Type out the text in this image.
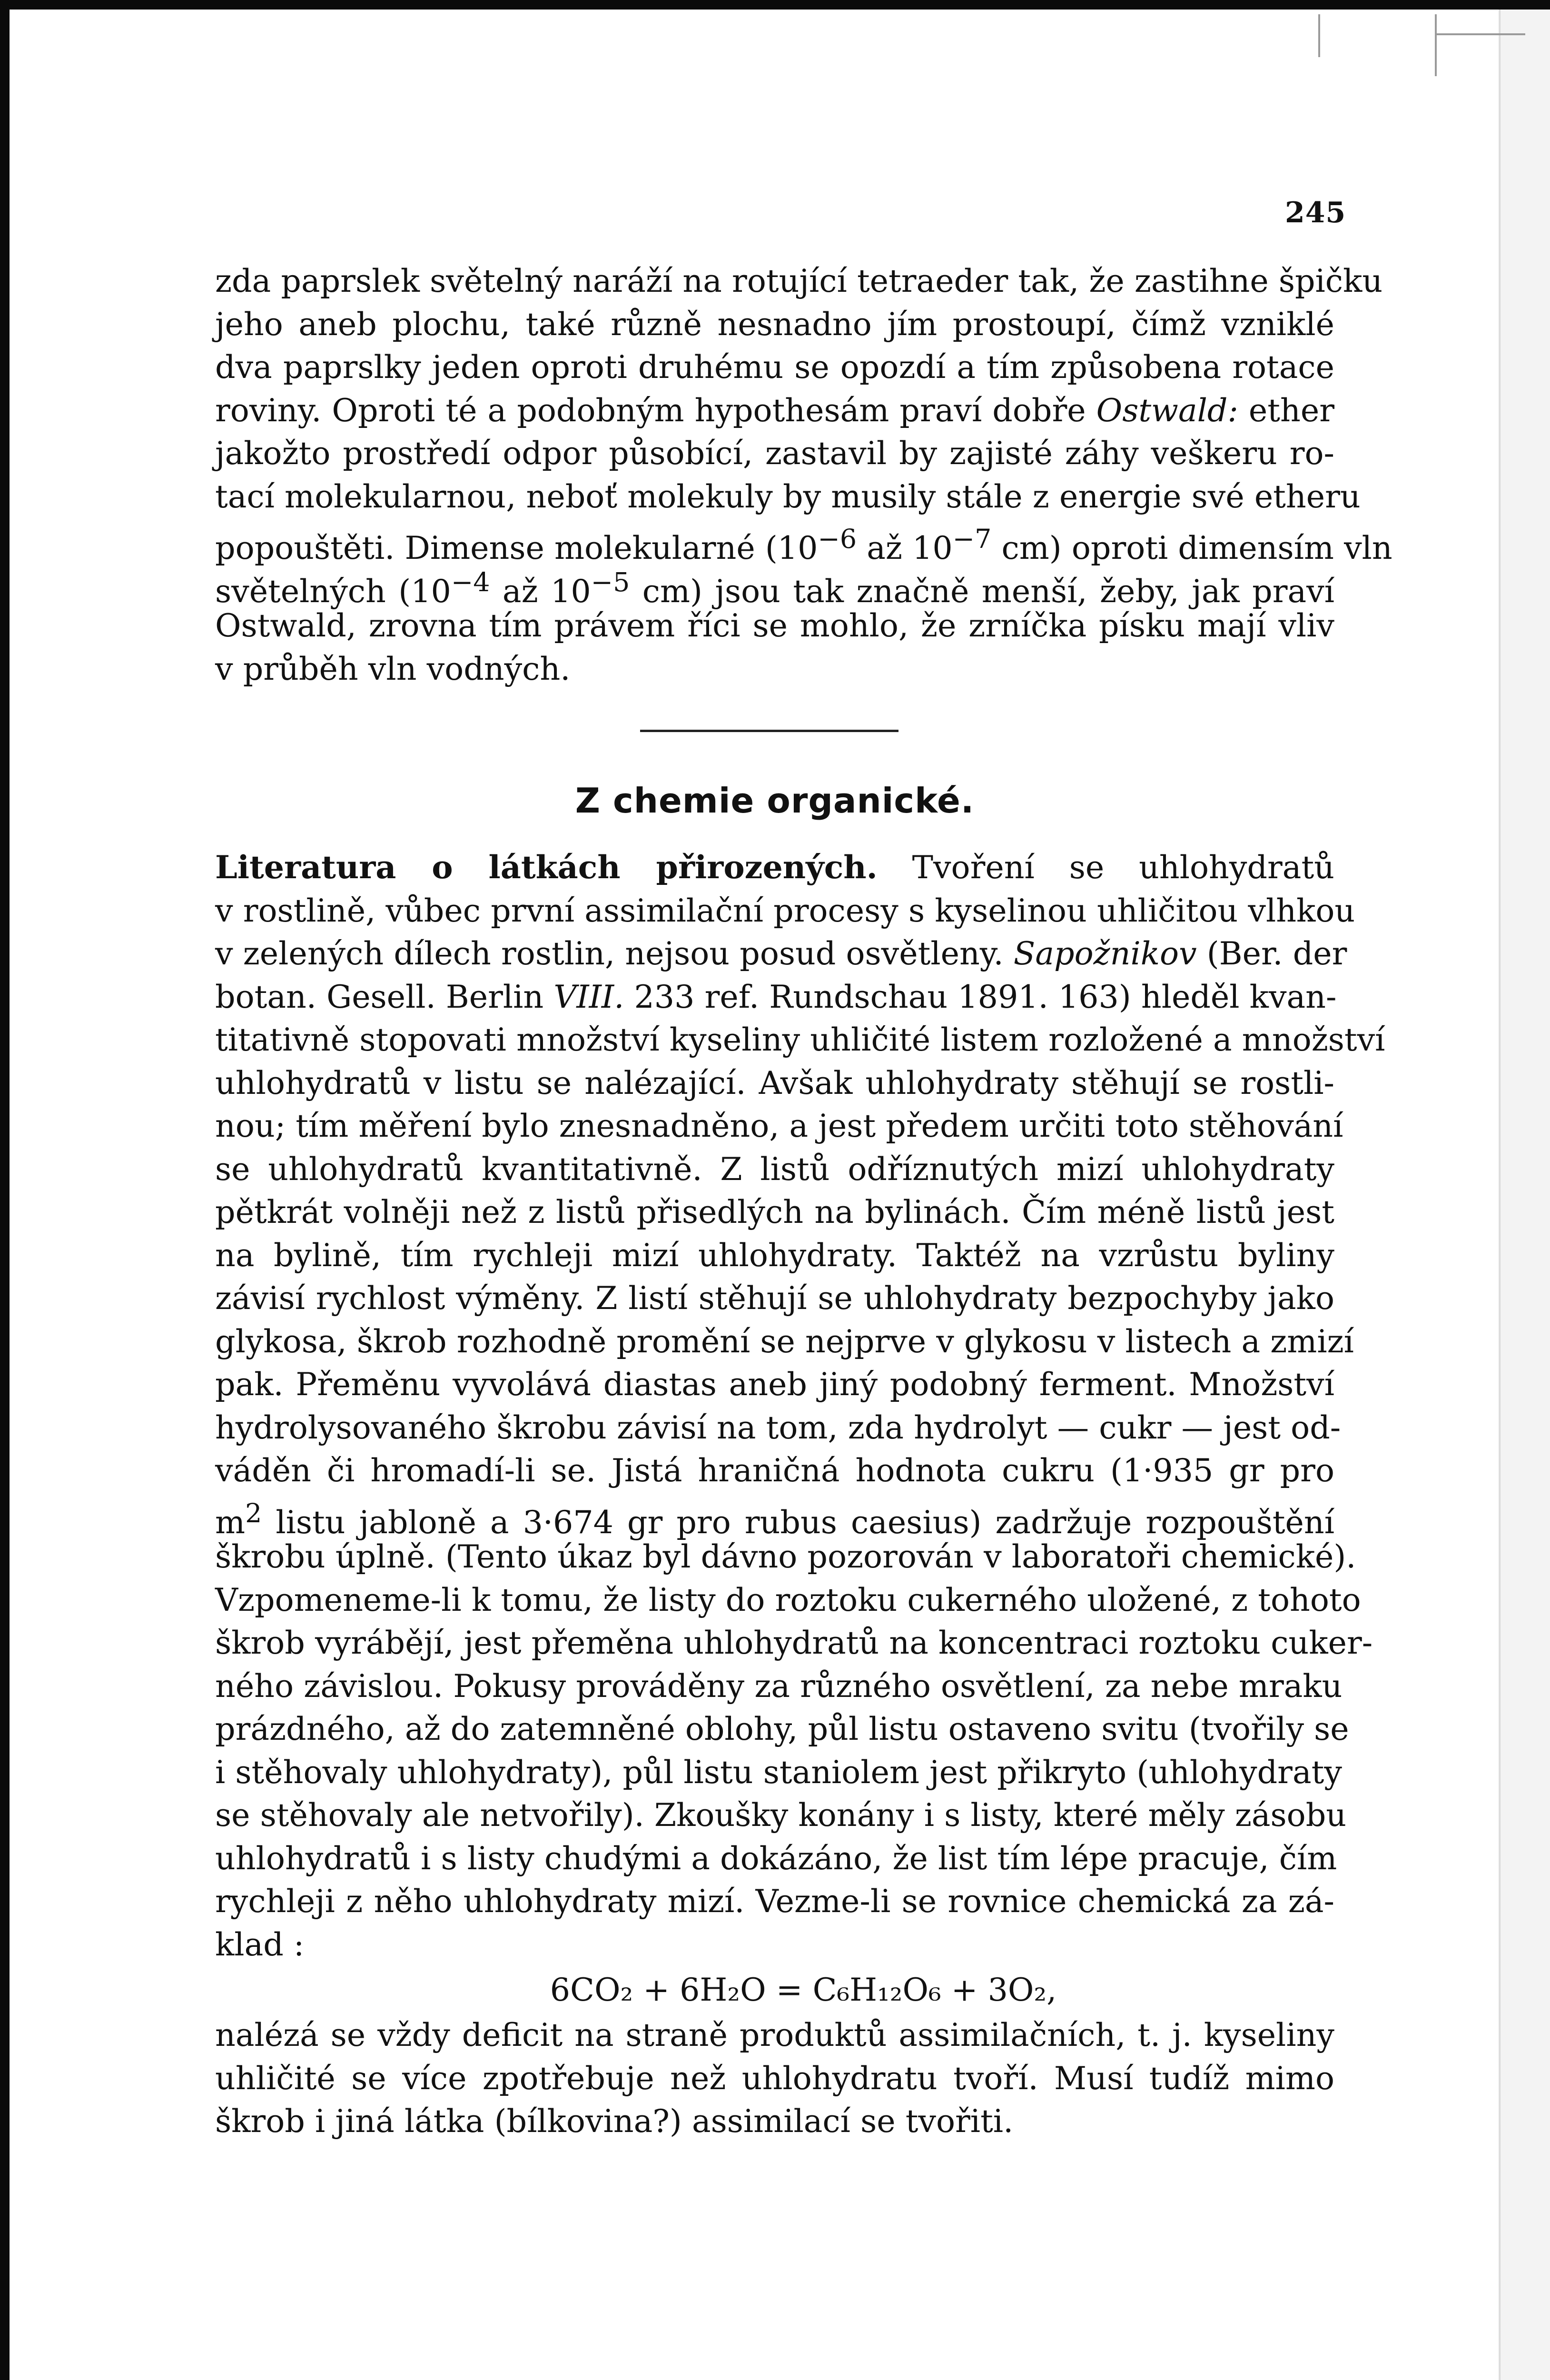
245
zda paprslek světelný naráží na rotující tetraeder tak, že zastihne špičku
jeho aneb plochu, také různě nesnadno jím prostoupí, čímž vzniklé
dva paprslky jeden oproti druhému se opozdí a tím způsobena rotace
roviny. Oproti té a podobným hypothesám praví dobře Ostwald: ether
jakožto prostředí odpor působící, zastavil by zajisté záhy veškeru ro-
tací molekularnou, neboť molekuly by musily stále z energie své etheru
popouštěti. Dimense molekularné ($10^{-6}$ až $10^{-7}$ cm) oproti dimensím vln
světelných ($10^{-4}$ až $10^{-5}$ cm) jsou tak značně menší, žeby, jak praví
Ostwald, zrovna tím právem říci se mohlo, že zrníčka písku mají vliv
v průběh vln vodných.
Z chemie organické.
Literatura o látkách přirozených. Tvoření se uhlohydratů
v rostlině, vůbec první assimilační procesy s kyselinou uhličitou vlhkou
v zelených dílech rostlin, nejsou posud osvětleny. Sapožnikov (Ber. der
botan. Gesell. Berlin VIII. 233 ref. Rundschau 1891. 163) hleděl kvan-
titativně stopovati množství kyseliny uhličité listem rozložené a množství
uhlohydratů v listu se nalézající. Avšak uhlohydraty stěhují se rostli-
nou; tím měření bylo znesnadněno, a jest předem určiti toto stěhování
se uhlohydratů kvantitativně. Z listů odříznutých mizí uhlohydraty
pětkrát volněji než z listů přisedlých na bylinách. Čím méně listů jest
na bylině, tím rychleji mizí uhlohydraty. Taktéž na vzrůstu byliny
závisí rychlost výměny. Z listí stěhují se uhlohydraty bezpochyby jako
glykosa, škrob rozhodně promění se nejprve v glykosu v listech a zmizí
pak. Přeměnu vyvolává diastas aneb jiný podobný ferment. Množství
hydrolysovaného škrobu závisí na tom, zda hydrolyt — cukr — jest od-
váděn či hromadí-li se. Jistá hraničná hodnota cukru (1·935 gr pro
$m^2$ listu jabloně a 3·674 gr pro rubus caesius) zadržuje rozpouštění
škrobu úplně. (Tento úkaz byl dávno pozorován v laboratoři chemické).
Vzpomeneme-li k tomu, že listy do roztoku cukerného uložené, z tohoto
škrob vyrábějí, jest přeměna uhlohydratů na koncentraci roztoku cuker-
ného závislou. Pokusy prováděny za různého osvětlení, za nebe mraku
prázdného, až do zatemněné oblohy, půl listu ostaveno svitu (tvořily se
i stěhovaly uhlohydraty), půl listu staniolem jest přikryto (uhlohydraty
se stěhovaly ale netvořily). Zkoušky konány i s listy, které měly zásobu
uhlohydratů i s listy chudými a dokázáno, že list tím lépe pracuje, čím
rychleji z něho uhlohydraty mizí. Vezme-li se rovnice chemická za zá-
klad :
6CO₂ + 6H₂O = C₆H₁₂O₆ + 3O₂,
nalézá se vždy deficit na straně produktů assimilačních, t. j. kyseliny
uhličité se více zpotřebuje než uhlohydratu tvoří. Musí tudíž mimo
škrob i jiná látka (bílkovina?) assimilací se tvořiti.
